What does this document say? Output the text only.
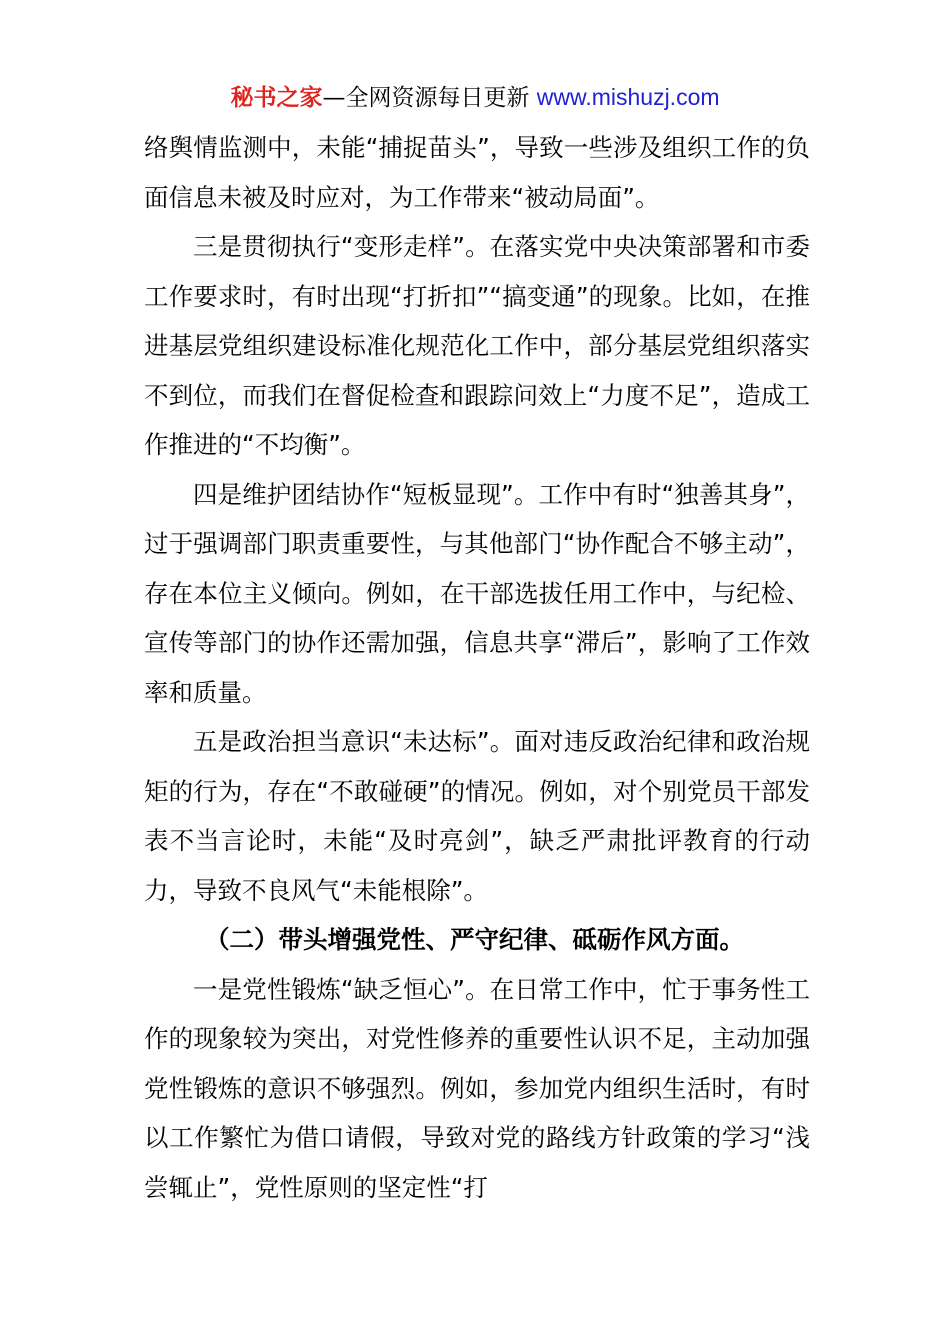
秘书之家—全网资源每日更新 www.mishuzj.com

络舆情监测中，未能“捕捉苗头”，导致一些涉及组织工作的负面信息未被及时应对，为工作带来“被动局面”。

三是贯彻执行“变形走样”。在落实党中央决策部署和市委工作要求时，有时出现“打折扣”“搞变通”的现象。比如，在推进基层党组织建设标准化规范化工作中，部分基层党组织落实不到位，而我们在督促检查和跟踪问效上“力度不足”，造成工作推进的“不均衡”。

四是维护团结协作“短板显现”。工作中有时“独善其身”，过于强调部门职责重要性，与其他部门“协作配合不够主动”，存在本位主义倾向。例如，在干部选拔任用工作中，与纪检、宣传等部门的协作还需加强，信息共享“滞后”，影响了工作效率和质量。

五是政治担当意识“未达标”。面对违反政治纪律和政治规矩的行为，存在“不敢碰硬”的情况。例如，对个别党员干部发表不当言论时，未能“及时亮剑”，缺乏严肃批评教育的行动力，导致不良风气“未能根除”。

（二）带头增强党性、严守纪律、砥砺作风方面。

一是党性锻炼“缺乏恒心”。在日常工作中，忙于事务性工作的现象较为突出，对党性修养的重要性认识不足，主动加强党性锻炼的意识不够强烈。例如，参加党内组织生活时，有时以工作繁忙为借口请假，导致对党的路线方针政策的学习“浅尝辄止”，党性原则的坚定性“打
